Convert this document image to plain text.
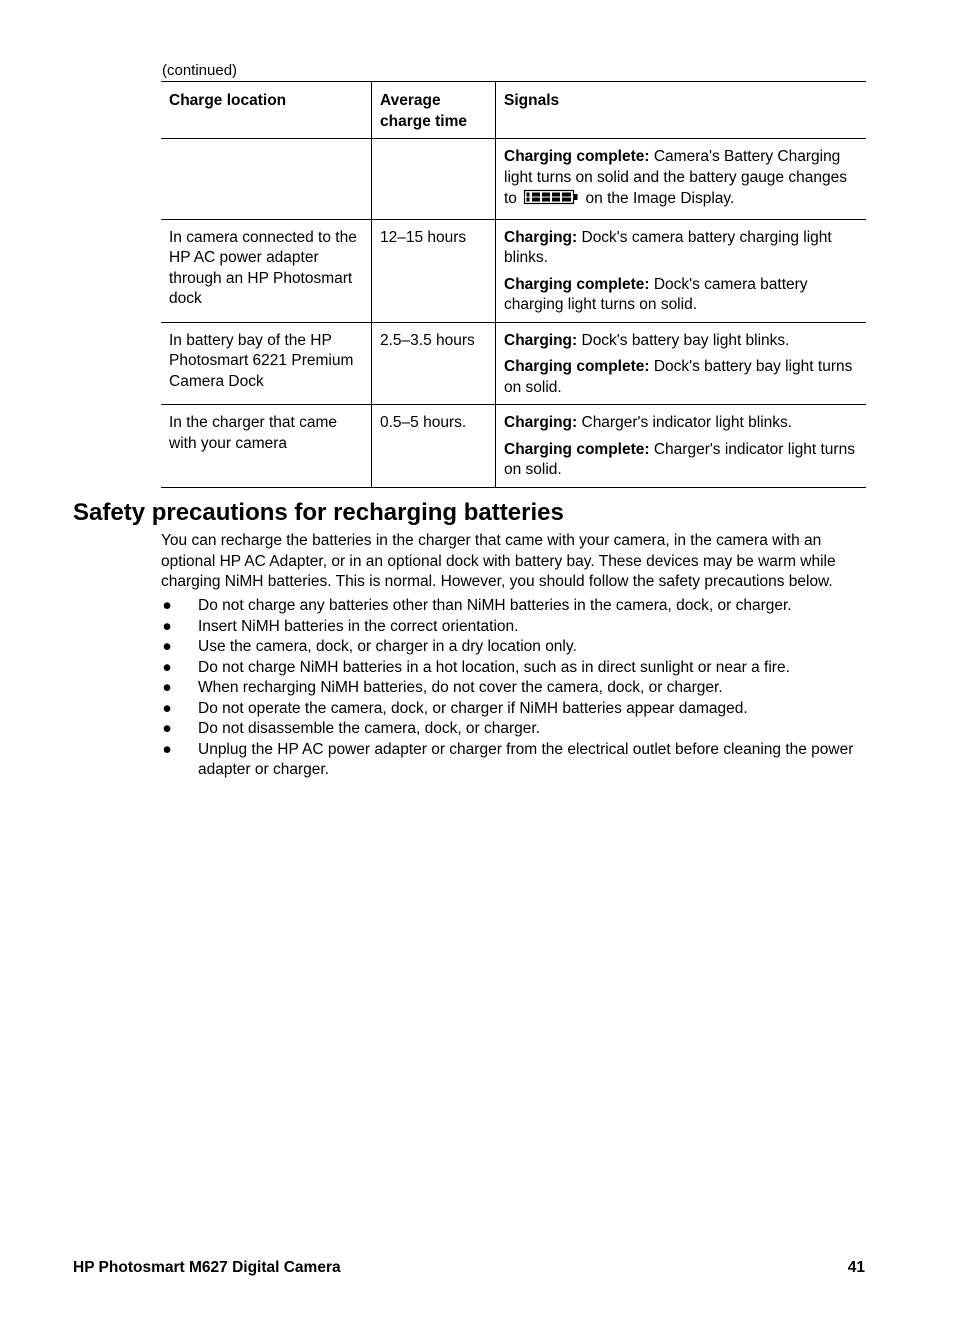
(continued)
Charge location	Average charge time	Signals

		Charging complete: Camera's Battery Charging light turns on solid and the battery gauge changes to on the Image Display.

In camera connected to the HP AC power adapter through an HP Photosmart dock	12–15 hours	Charging: Dock's camera battery charging light blinks.

Charging complete: Dock's camera battery charging light turns on solid.

In battery bay of the HP Photosmart 6221 Premium Camera Dock	2.5–3.5 hours	Charging: Dock's battery bay light blinks.

Charging complete: Dock's battery bay light turns on solid.

In the charger that came with your camera	0.5–5 hours.	Charging: Charger's indicator light blinks.

Charging complete: Charger's indicator light turns on solid.

Safety precautions for recharging batteries

You can recharge the batteries in the charger that came with your camera, in the camera with an optional HP AC Adapter, or in an optional dock with battery bay. These devices may be warm while charging NiMH batteries. This is normal. However, you should follow the safety precautions below.

● Do not charge any batteries other than NiMH batteries in the camera, dock, or charger.
● Insert NiMH batteries in the correct orientation.
● Use the camera, dock, or charger in a dry location only.
● Do not charge NiMH batteries in a hot location, such as in direct sunlight or near a fire.
● When recharging NiMH batteries, do not cover the camera, dock, or charger.
● Do not operate the camera, dock, or charger if NiMH batteries appear damaged.
● Do not disassemble the camera, dock, or charger.
● Unplug the HP AC power adapter or charger from the electrical outlet before cleaning the power adapter or charger.
HP Photosmart M627 Digital Camera	41
